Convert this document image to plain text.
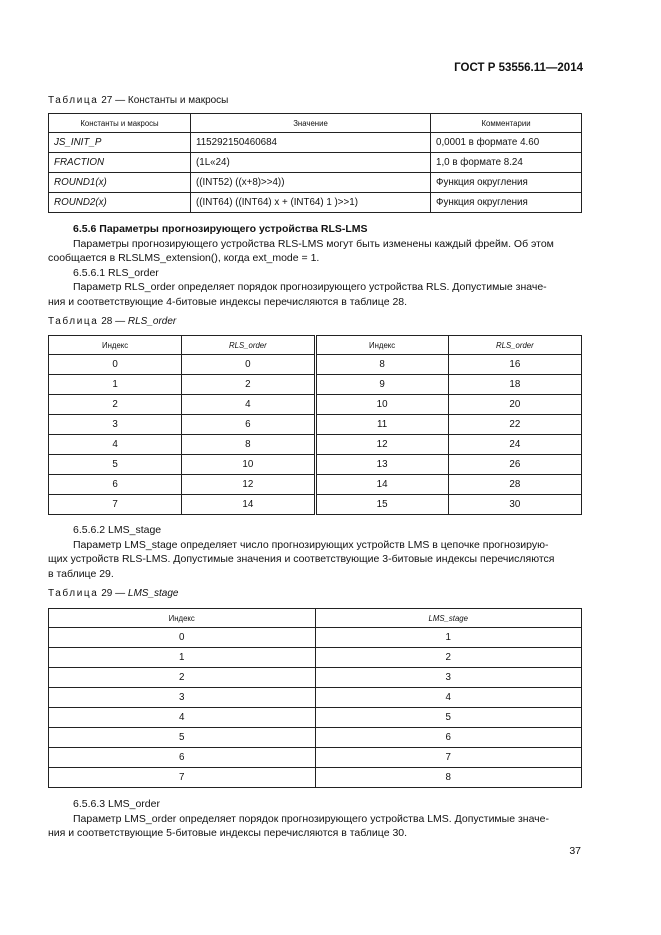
ГОСТ Р 53556.11—2014
Таблица 27 — Константы и макросы
Константы и макросы	Значение	Комментарии
JS_INIT_P	115292150460684	0,0001 в формате 4.60
FRACTION	(1L«24)	1,0 в формате 8.24
ROUND1(x)	((INT52) ((x+8)>>4))	Функция округления
ROUND2(x)	((INT64) ((INT64) x + (INT64) 1 )>>1)	Функция округления
6.5.6 Параметры прогнозирующего устройства RLS-LMS
Параметры прогнозирующего устройства RLS-LMS могут быть изменены каждый фрейм. Об этом
сообщается в RLSLMS_extension(), когда ext_mode = 1.
6.5.6.1 RLS_order
Параметр RLS_order определяет порядок прогнозирующего устройства RLS. Допустимые значе-
ния и соответствующие 4-битовые индексы перечисляются в таблице 28.
Таблица 28 — RLS_order
Индекс	RLS_order	Индекс	RLS_order
0	0	8	16
1	2	9	18
2	4	10	20
3	6	11	22
4	8	12	24
5	10	13	26
6	12	14	28
7	14	15	30
6.5.6.2 LMS_stage
Параметр LMS_stage определяет число прогнозирующих устройств LMS в цепочке прогнозирую-
щих устройств RLS-LMS. Допустимые значения и соответствующие 3-битовые индексы перечисляются
в таблице 29.
Таблица 29 — LMS_stage
Индекс	LMS_stage
0	1
1	2
2	3
3	4
4	5
5	6
6	7
7	8
6.5.6.3 LMS_order
Параметр LMS_order определяет порядок прогнозирующего устройства LMS. Допустимые значе-
ния и соответствующие 5-битовые индексы перечисляются в таблице 30.
37
